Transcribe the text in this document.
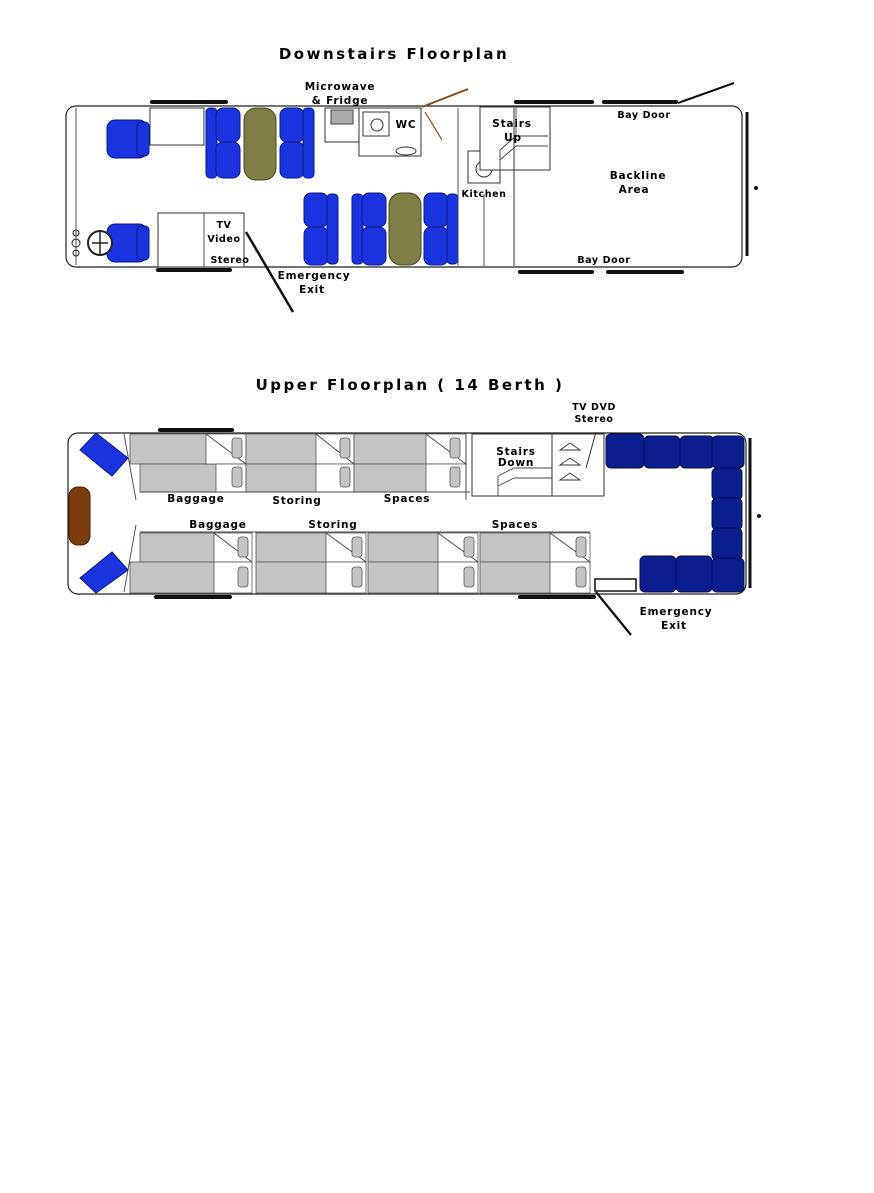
Downstairs Floorplan
Microwave
& Fridge
WC
TV
Video
Stereo
Emergency
Exit
Kitchen
Stairs
Up
Bay Door
Bay Door
Backline
Area
Upper Floorplan ( 14 Berth )
Baggage	Storing	Spaces
Baggage	Storing	Spaces
Stairs
Down
TV DVD
Stereo
Emergency
Exit
